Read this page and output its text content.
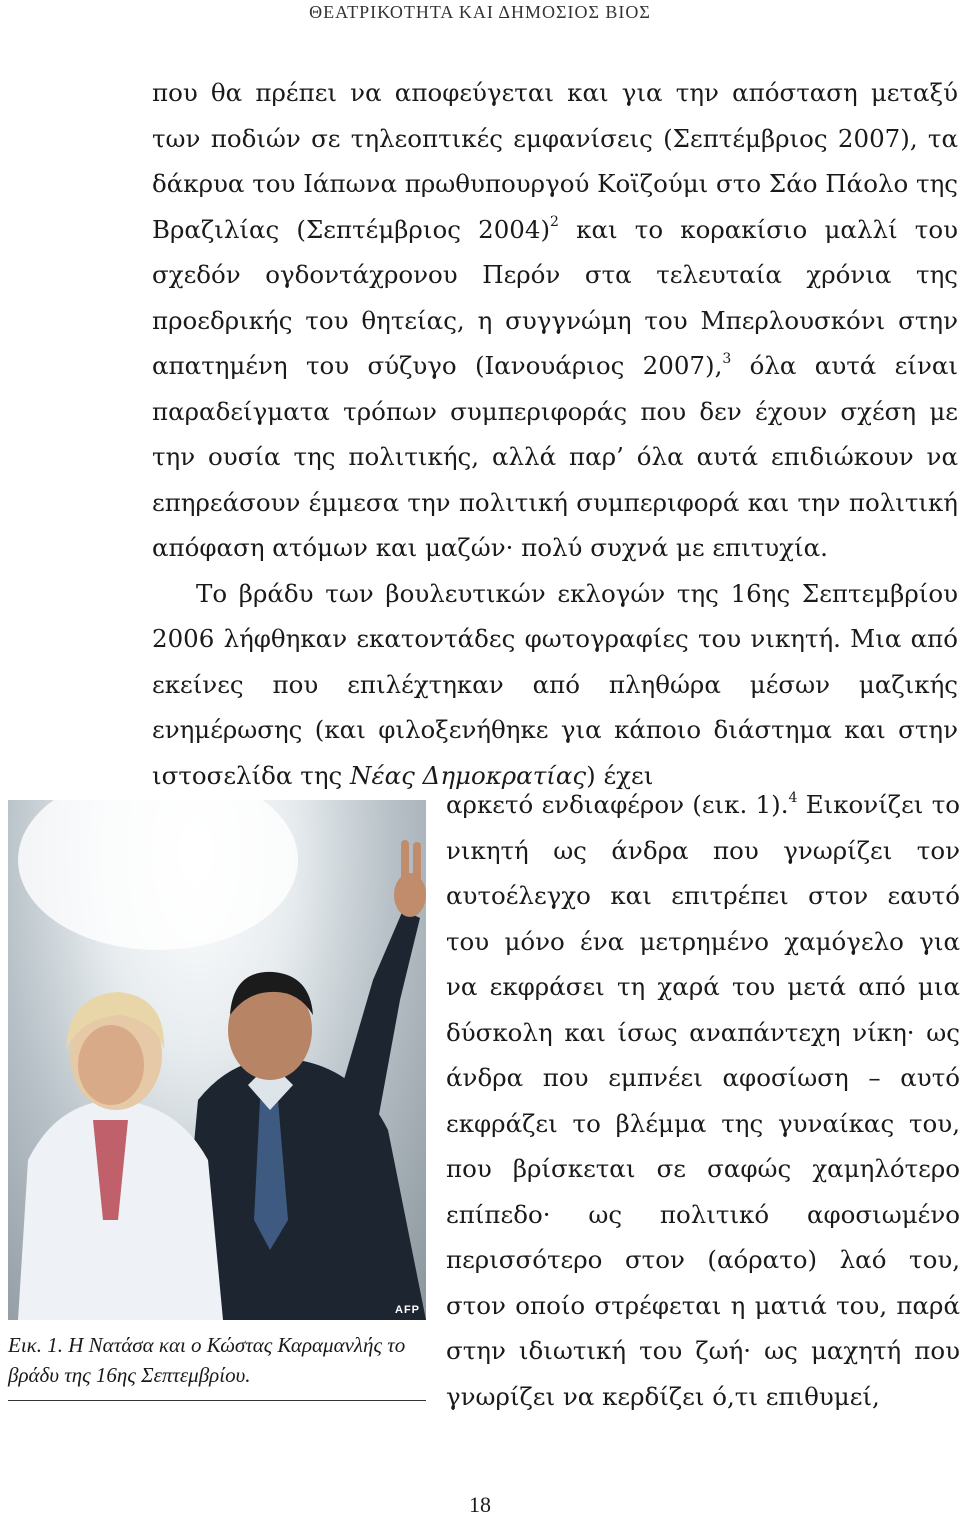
ΘΕΑΤΡΙΚΟΤΗΤΑ ΚΑΙ ΔΗΜΟΣΙΟΣ ΒΙΟΣ

που θα πρέπει να αποφεύγεται και για την απόσταση μεταξύ των ποδιών σε τηλεοπτικές εμφανίσεις (Σεπτέμβριος 2007), τα δάκρυα του Ιάπωνα πρωθυπουργού Κοϊζούμι στο Σάο Πάολο της Βραζιλίας (Σεπτέμβριος 2004)$^2$ και το κορακίσιο μαλλί του σχεδόν ογδοντάχρονου Περόν στα τελευταία χρόνια της προεδρικής του θητείας, η συγγνώμη του Μπερλουσκόνι στην απατημένη του σύζυγο (Ιανουάριος 2007),$^3$ όλα αυτά είναι παραδείγματα τρόπων συμπεριφοράς που δεν έχουν σχέση με την ουσία της πολιτικής, αλλά παρ’ όλα αυτά επιδιώκουν να επηρεάσουν έμμεσα την πολιτική συμπεριφορά και την πολιτική απόφαση ατόμων και μαζών· πολύ συχνά με επιτυχία.

Το βράδυ των βουλευτικών εκλογών της 16ης Σεπτεμβρίου 2006 λήφθηκαν εκατοντάδες φωτογραφίες του νικητή. Μια από εκείνες που επιλέχτηκαν από πληθώρα μέσων μαζικής ενημέρωσης (και φιλοξενήθηκε για κάποιο διάστημα και στην ιστοσελίδα της Νέας Δημοκρατίας) έχει

αρκετό ενδιαφέρον (εικ. 1).$^4$ Εικονίζει το νικητή ως άνδρα που γνωρίζει τον αυτοέλεγχο και επιτρέπει στον εαυτό του μόνο ένα μετρημένο χαμόγελο για να εκφράσει τη χαρά του μετά από μια δύσκολη και ίσως αναπάντεχη νίκη· ως άνδρα που εμπνέει αφοσίωση – αυτό εκφράζει το βλέμμα της γυναίκας του, που βρίσκεται σε σαφώς χαμηλότερο επίπεδο· ως πολιτικό αφοσιωμένο περισσότερο στον (αόρατο) λαό του, στον οποίο στρέφεται η ματιά του, παρά στην ιδιωτική του ζωή· ως μαχητή που γνωρίζει να κερδίζει ό,τι επιθυμεί,

AFP
Εικ. 1. Η Νατάσα και ο Κώστας Καραμανλής το βράδυ της 16ης Σεπτεμβρίου.
18
